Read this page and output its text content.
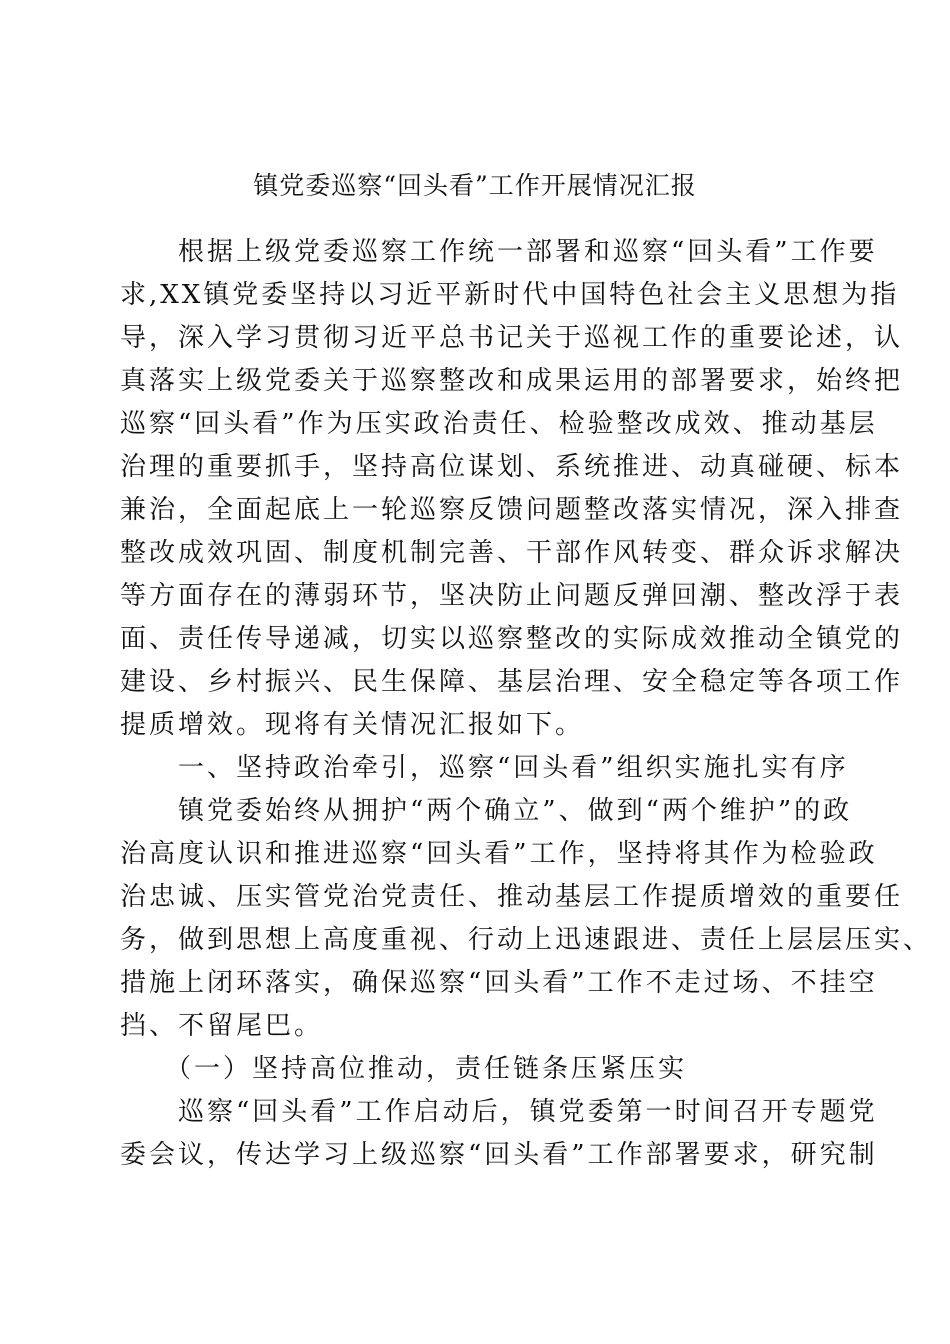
镇党委巡察“回头看”工作开展情况汇报
　　根据上级党委巡察工作统一部署和巡察“回头看”工作要
求,XX镇党委坚持以习近平新时代中国特色社会主义思想为指
导，深入学习贯彻习近平总书记关于巡视工作的重要论述，认
真落实上级党委关于巡察整改和成果运用的部署要求，始终把
巡察“回头看”作为压实政治责任、检验整改成效、推动基层
治理的重要抓手，坚持高位谋划、系统推进、动真碰硬、标本
兼治，全面起底上一轮巡察反馈问题整改落实情况，深入排查
整改成效巩固、制度机制完善、干部作风转变、群众诉求解决
等方面存在的薄弱环节，坚决防止问题反弹回潮、整改浮于表
面、责任传导递减，切实以巡察整改的实际成效推动全镇党的
建设、乡村振兴、民生保障、基层治理、安全稳定等各项工作
提质增效。现将有关情况汇报如下。
　　一、坚持政治牵引，巡察“回头看”组织实施扎实有序
　　镇党委始终从拥护“两个确立”、做到“两个维护”的政
治高度认识和推进巡察“回头看”工作，坚持将其作为检验政
治忠诚、压实管党治党责任、推动基层工作提质增效的重要任
务，做到思想上高度重视、行动上迅速跟进、责任上层层压实、
措施上闭环落实，确保巡察“回头看”工作不走过场、不挂空
挡、不留尾巴。
　　（一）坚持高位推动，责任链条压紧压实
　　巡察“回头看”工作启动后，镇党委第一时间召开专题党
委会议，传达学习上级巡察“回头看”工作部署要求，研究制
